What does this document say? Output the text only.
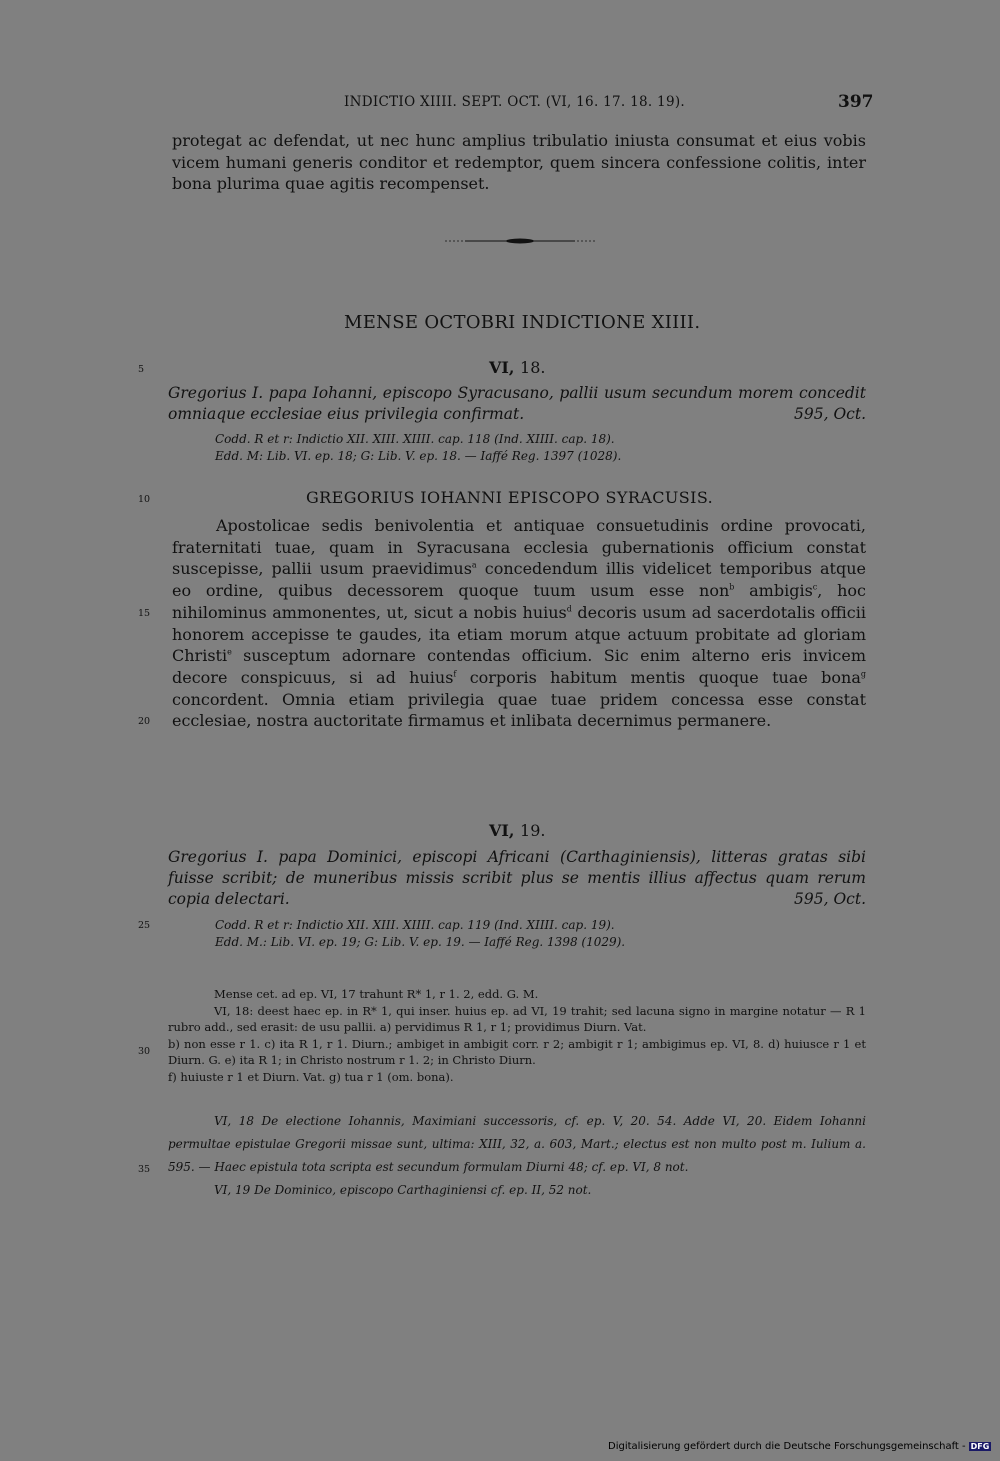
INDICTIO XIIII. SEPT. OCT. (VI, 16. 17. 18. 19).	397

protegat ac defendat, ut nec hunc amplius tribulatio iniusta consumat et eius vobis vicem humani generis conditor et redemptor, quem sincera confessione colitis, inter bona plurima quae agitis recompenset.

MENSE OCTOBRI INDICTIONE XIIII.
5
10
15
20
25
30
35
VI, 18.
Gregorius I. papa Iohanni, episcopo Syracusano, pallii usum secundum morem concedit omniaque ecclesiae eius privilegia confirmat.	595, Oct.
Codd. R et r: Indictio XII. XIII. XIIII. cap. 118 (Ind. XIIII. cap. 18).
Edd. M: Lib. VI. ep. 18; G: Lib. V. ep. 18. — Iaffé Reg. 1397 (1028).
GREGORIUS IOHANNI EPISCOPO SYRACUSIS.

Apostolicae sedis benivolentia et antiquae consuetudinis ordine provocati, fraternitati tuae, quam in Syracusana ecclesia gubernationis officium constat suscepisse, pallii usum praevidimus$^a$ concedendum illis videlicet temporibus atque eo ordine, quibus decessorem quoque tuum usum esse non$^b$ ambigis$^c$, hoc nihilominus ammonentes, ut, sicut a nobis huius$^d$ decoris usum ad sacerdotalis officii honorem accepisse te gaudes, ita etiam morum atque actuum probitate ad gloriam Christi$^e$ susceptum adornare contendas officium. Sic enim alterno eris invicem decore conspicuus, si ad huius$^f$ corporis habitum mentis quoque tuae bona$^g$ concordent. Omnia etiam privilegia quae tuae pridem concessa esse constat ecclesiae, nostra auctoritate firmamus et inlibata decernimus permanere.

VI, 19.
Gregorius I. papa Dominici, episcopi Africani (Carthaginiensis), litteras gratas sibi fuisse scribit; de muneribus missis scribit plus se mentis illius affectus quam rerum copia delectari.	595, Oct.
Codd. R et r: Indictio XII. XIII. XIIII. cap. 119 (Ind. XIIII. cap. 19).
Edd. M.: Lib. VI. ep. 19; G: Lib. V. ep. 19. — Iaffé Reg. 1398 (1029).

Mense cet. ad ep. VI, 17 trahunt R* 1, r 1. 2, edd. G. M.

VI, 18: deest haec ep. in R* 1, qui inser. huius ep. ad VI, 19 trahit; sed lacuna signo in margine notatur — R 1 rubro add., sed erasit: de usu pallii. a) pervidimus R 1, r 1; providimus Diurn. Vat.

b) non esse r 1. c) ita R 1, r 1. Diurn.; ambiget in ambigit corr. r 2; ambigit r 1; ambigimus ep. VI, 8. d) huiusce r 1 et Diurn. G. e) ita R 1; in Christo nostrum r 1. 2; in Christo Diurn.

f) huiuste r 1 et Diurn. Vat. g) tua r 1 (om. bona).

VI, 18 De electione Iohannis, Maximiani successoris, cf. ep. V, 20. 54. Adde VI, 20. Eidem Iohanni permultae epistulae Gregorii missae sunt, ultima: XIII, 32, a. 603, Mart.; electus est non multo post m. Iulium a. 595. — Haec epistula tota scripta est secundum formulam Diurni 48; cf. ep. VI, 8 not.

VI, 19 De Dominico, episcopo Carthaginiensi cf. ep. II, 52 not.

Digitalisierung gefördert durch die Deutsche Forschungsgemeinschaft - DFG
